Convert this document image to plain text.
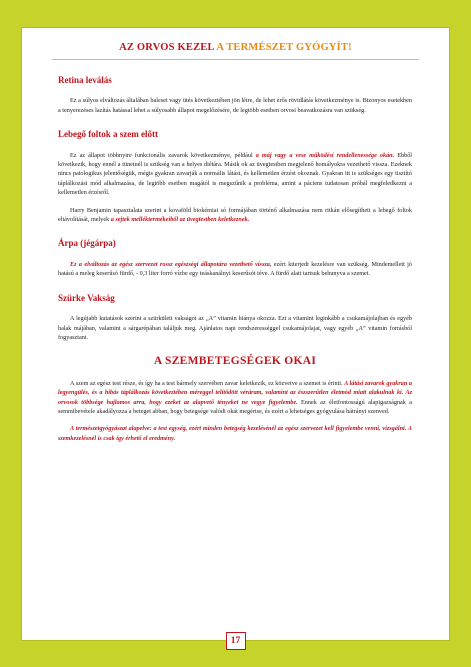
AZ ORVOS KEZEL A TERMÉSZET GYÓGYÍT!
Retina leválás

Ez a súlyos elváltozás általában baleset vagy ütés következtében jön létre, de lehet erős rövidlátás következménye is. Bizonyos esetekben a tenyerezéses lazítás hatással lehet a súlyosabb állapot megelőzésére, de legtöbb esetben orvosi beavatkozásra van szükség.

Lebegő foltok a szem előtt

Ez az állapot többnyire funkcionális zavarok következménye, például a máj vagy a vese működési rendellenessége okán. Ebből következik, hogy ennél a tünetnél is szükség van a helyes diétára. Másik ok az üvegtestben megjelenő homályokra vezethető vissza. Ezeknek nincs patologikus jelentőségük, mégis gyakran zavarják a normális látást, és kellemetlen érzést okoznak. Gyakran itt is szükséges egy tisztító táplálkozási mód alkalmazása, de legtöbb esetben magától is megszűnik a probléma, amint a páciens tudatosan próbál megfeledkezni a kellemetlen érzésről.

Harry Benjamin tapasztalata szerint a kovaföld biokémiai só formájában történő alkalmazása nem ritkán elősegítheti a lebegő foltok eltávolítását, melyek a sejtek melléktermékeiből az üvegtestben keletkeznek.

Árpa (jégárpa)

Ez a elváltozás az egész szervezet rossz egészségi állapotára vezethető vissza, ezért kiterjedt kezelésre van szükség. Mindemellett jó hatású a meleg keserűsó fürdő, - 0,3 liter forró vízbe egy teáskanálnyi keserűsót téve. A fürdő alatt tartsuk behunyva a szemet.

Szürke Vakság

A legújabb kutatások szerint a szürkületi vakságot az „A” vitamin hiánya okozza. Ezt a vitamint leginkább a csukamájolajban és egyéb halak májában, valamint a sárgarépában találjuk meg. Ajánlatos napi rendszerességgel csukamájolajat, vagy egyéb „A” vitamin forrásból fogyasztani.

A SZEMBETEGSÉGEK OKAI

A szem az egész test része, és így ha a test bármely szervében zavar keletkezik, ez közvetve a szemet is érinti. A látási zavarok gyakran a legyengülés, és a hibás táplálkozás következtében méreggel telítődött véráram, valamint az észszerűtlen életmód miatt alakulnak ki. Az orvosok többsége hajlamos arra, hogy ezeket az alapvető tényeket ne vegye figyelembe. Ennek az életfontosságú alapigazságnak a semmibevétele akadályozza a beteget abban, hogy betegsége valódi okát megértse, és ezért a lehetséges gyógyulása hátrányt szenved.

A természetgyógyászat alapelve: a test egység, ezért minden betegség kezelésénél az egész szervezet kell figyelembe venni, vizsgálni. A szemkezelésnél is csak így érhető el eredmény.

17
